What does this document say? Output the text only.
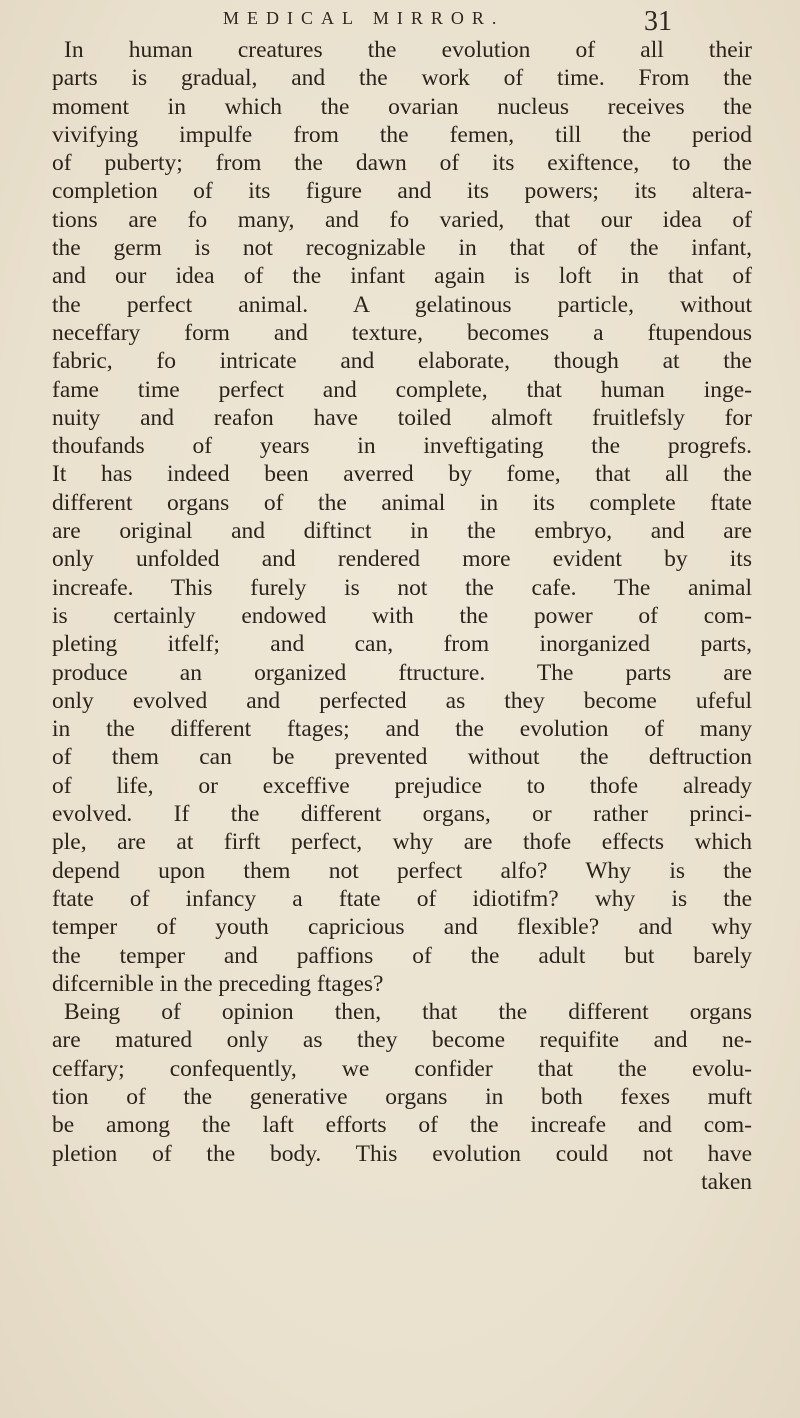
MEDICAL MIRROR.	31
In human creatures the evolution of all their
parts is gradual, and the work of time. From the
moment in which the ovarian nucleus receives the
vivifying impulfe from the femen, till the period
of puberty; from the dawn of its exiftence, to the
completion of its figure and its powers; its altera-
tions are fo many, and fo varied, that our idea of
the germ is not recognizable in that of the infant,
and our idea of the infant again is loft in that of
the perfect animal. A gelatinous particle, without
neceffary form and texture, becomes a ftupendous
fabric, fo intricate and elaborate, though at the
fame time perfect and complete, that human inge-
nuity and reafon have toiled almoft fruitlefsly for
thoufands of years in inveftigating the progrefs.
It has indeed been averred by fome, that all the
different organs of the animal in its complete ftate
are original and diftinct in the embryo, and are
only unfolded and rendered more evident by its
increafe. This furely is not the cafe. The animal
is certainly endowed with the power of com-
pleting itfelf; and can, from inorganized parts,
produce an organized ftructure. The parts are
only evolved and perfected as they become ufeful
in the different ftages; and the evolution of many
of them can be prevented without the deftruction
of life, or exceffive prejudice to thofe already
evolved. If the different organs, or rather princi-
ple, are at firft perfect, why are thofe effects which
depend upon them not perfect alfo? Why is the
ftate of infancy a ftate of idiotifm? why is the
temper of youth capricious and flexible? and why
the temper and paffions of the adult but barely
difcernible in the preceding ftages?
Being of opinion then, that the different organs
are matured only as they become requifite and ne-
ceffary; confequently, we confider that the evolu-
tion of the generative organs in both fexes muft
be among the laft efforts of the increafe and com-
pletion of the body. This evolution could not have
taken
